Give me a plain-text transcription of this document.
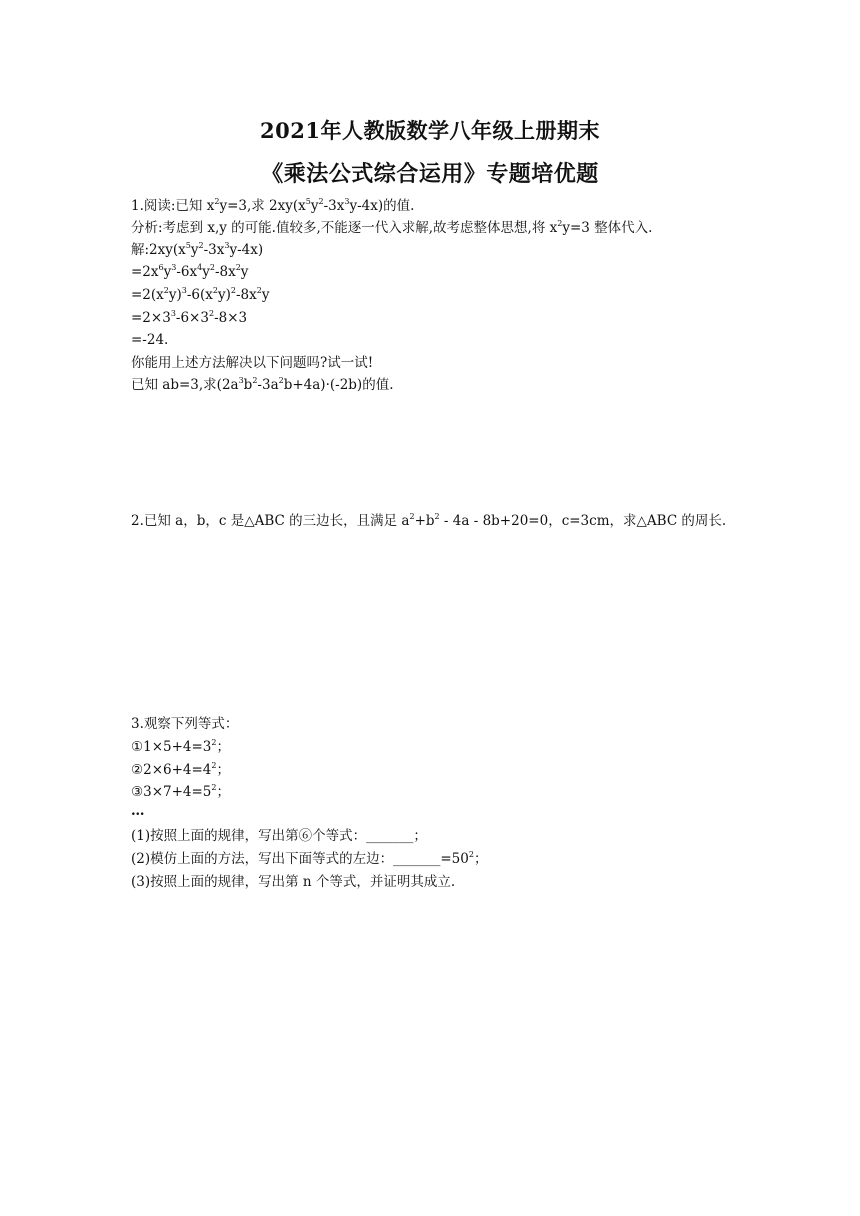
2021年人教版数学八年级上册期末
《乘法公式综合运用》专题培优题
1.阅读:已知 $x^2y=3$,求 $2xy(x^5y^2-3x^3y-4x)$的值.
分析:考虑到 x,y 的可能.值较多,不能逐一代入求解,故考虑整体思想,将 $x^2y=3$ 整体代入.
解$:2xy(x^5y^2-3x^3y-4x)$
$=2x^6y^3-6x^4y^2-8x^2y$
$=2(x^2y)^3-6(x^2y)^2-8x^2y$
$=2\times 3^3-6\times 3^2-8\times 3$
=-24.
你能用上述方法解决以下问题吗?试一试!
已知 ab=3,求$(2a^3b^2-3a^2b+4a)\cdot(-2b)$的值.
2.已知 a，b，c 是△ABC 的三边长，且满足 $a^2+b^2 - 4a - 8b+20=0$，c=3cm，求△ABC 的周长.
3.观察下列等式：
$①1\times 5+4=3^2$；
$②2\times 6+4=4^2$；
$③3\times 7+4=5^2$；
…
(1)按照上面的规律，写出第⑥个等式：_______；
(2)模仿上面的方法，写出下面等式的左边：$\_\_\_\_\_\_\_=50^2$；
(3)按照上面的规律，写出第 n 个等式，并证明其成立.
